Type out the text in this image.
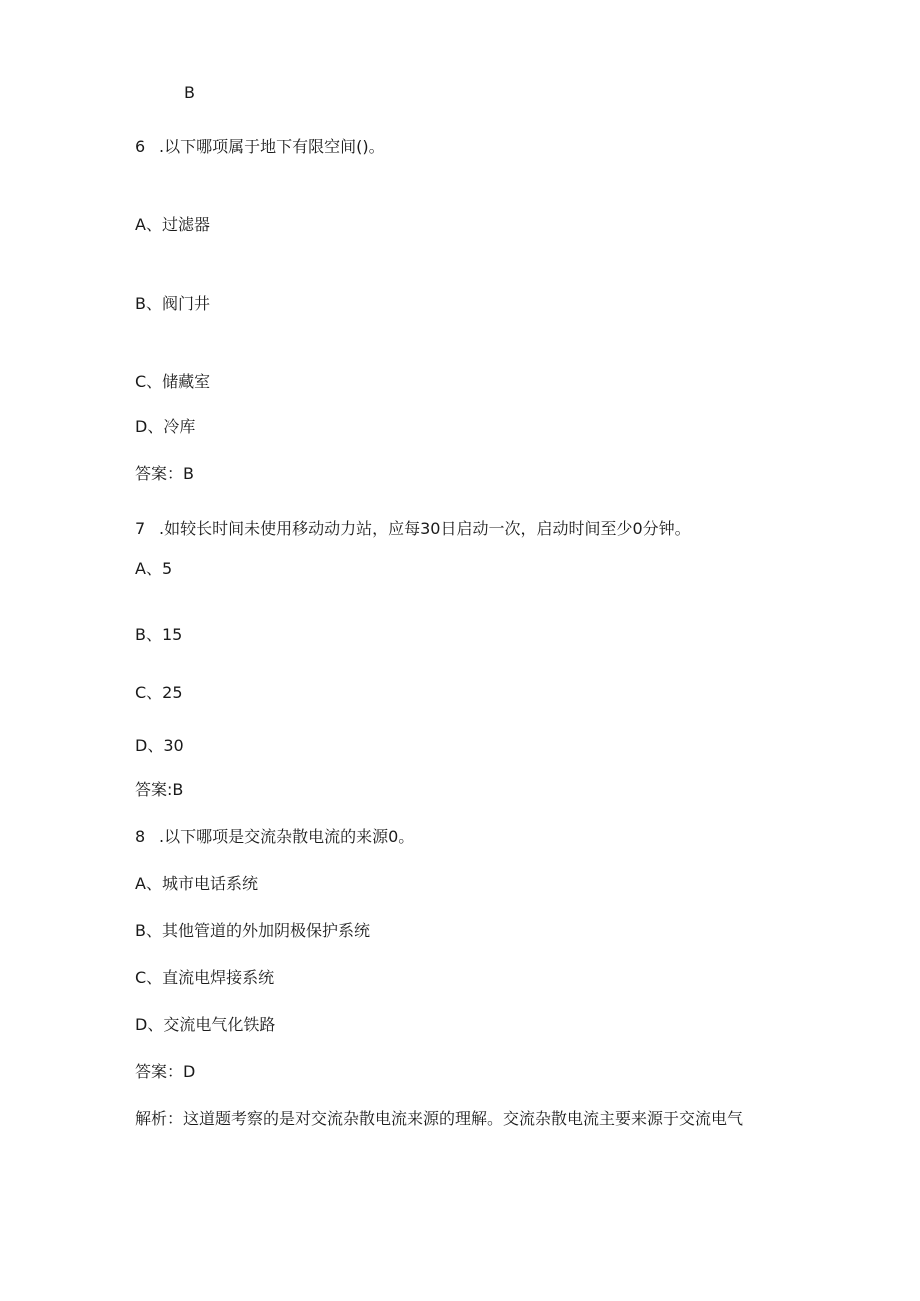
B

6 .以下哪项属于地下有限空间()。

A、过滤器

B、阀门井

C、储藏室

D、冷库

答案：B

7 .如较长时间未使用移动动力站，应每30日启动一次，启动时间至少0分钟。

A、5

B、15

C、25

D、30

答案:B

8 .以下哪项是交流杂散电流的来源0。

A、城市电话系统

B、其他管道的外加阴极保护系统

C、直流电焊接系统

D、交流电气化铁路

答案：D

解析：这道题考察的是对交流杂散电流来源的理解。交流杂散电流主要来源于交流电气
